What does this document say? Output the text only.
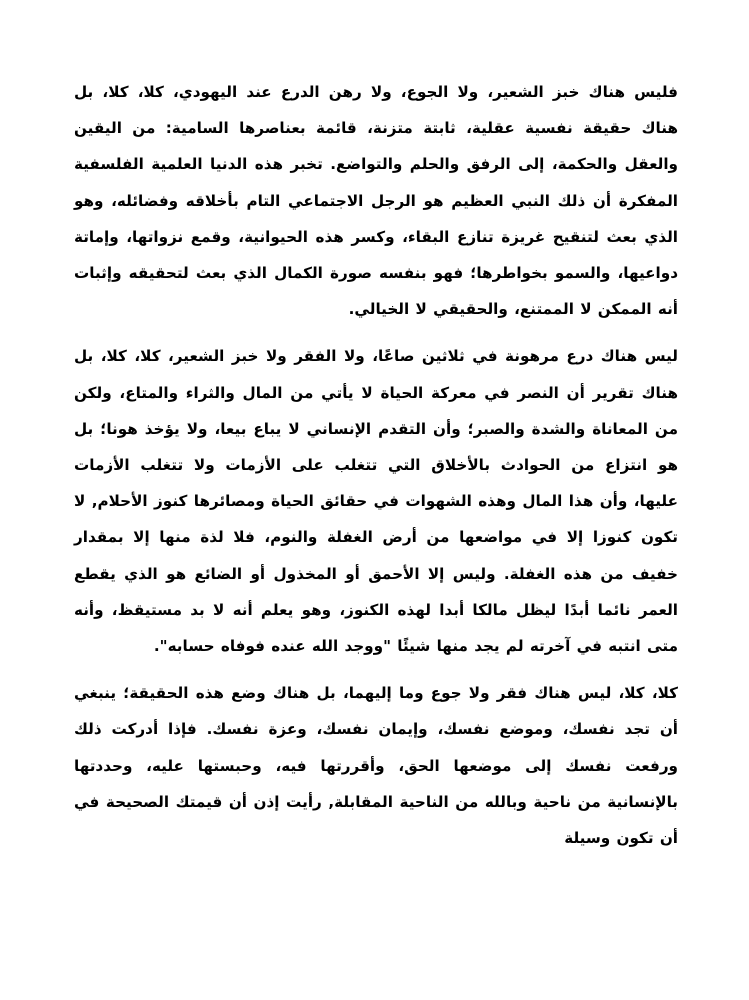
فليس هناك خبز الشعير، ولا الجوع، ولا رهن الدرع عند اليهودي، كلا، كلا، بل هناك حقيقة نفسية عقلية، ثابتة متزنة، قائمة بعناصرها السامية: من اليقين والعقل والحكمة، إلى الرفق والحلم والتواضع. تخبر هذه الدنيا العلمية الفلسفية المفكرة أن ذلك النبي العظيم هو الرجل الاجتماعي التام بأخلاقه وفضائله، وهو الذي بعث لتنقيح غريزة تنازع البقاء، وكسر هذه الحيوانية، وقمع نزواتها، وإماتة دواعيها، والسمو بخواطرها؛ فهو بنفسه صورة الكمال الذي بعث لتحقيقه وإثبات أنه الممكن لا الممتنع، والحقيقي لا الخيالي.

ليس هناك درع مرهونة في ثلاثين صاعًا، ولا الفقر ولا خبز الشعير، كلا، كلا، بل هناك تقرير أن النصر في معركة الحياة لا يأتي من المال والثراء والمتاع، ولكن من المعاناة والشدة والصبر؛ وأن التقدم الإنساني لا يباع بيعا، ولا يؤخذ هونا؛ بل هو انتزاع من الحوادث بالأخلاق التي تتغلب على الأزمات ولا تتغلب الأزمات عليها، وأن هذا المال وهذه الشهوات في حقائق الحياة ومصائرها كنوز الأحلام, لا تكون كنوزا إلا في مواضعها من أرض الغفلة والنوم، فلا لذة منها إلا بمقدار خفيف من هذه الغفلة. وليس إلا الأحمق أو المخذول أو الضائع هو الذي يقطع العمر نائما أبدًا ليظل مالكا أبدا لهذه الكنوز، وهو يعلم أنه لا بد مستيقظ، وأنه متى انتبه في آخرته لم يجد منها شيئًا "ووجد الله عنده فوفاه حسابه".

كلا، كلا، ليس هناك فقر ولا جوع وما إليهما، بل هناك وضع هذه الحقيقة؛ ينبغي أن تجد نفسك، وموضع نفسك، وإيمان نفسك، وعزة نفسك. فإذا أدركت ذلك ورفعت نفسك إلى موضعها الحق، وأقررتها فيه، وحبستها عليه، وحددتها بالإنسانية من ناحية وبالله من الناحية المقابلة, رأيت إذن أن قيمتك الصحيحة في أن تكون وسيلة
